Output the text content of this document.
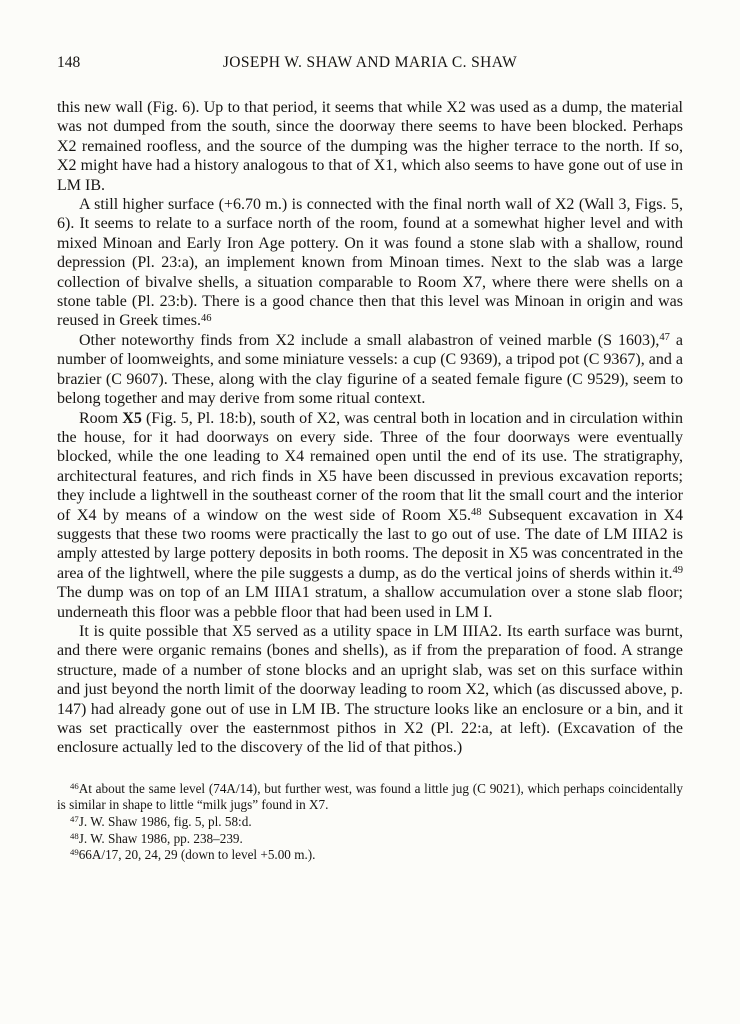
148	JOSEPH W. SHAW AND MARIA C. SHAW

this new wall (Fig. 6). Up to that period, it seems that while X2 was used as a dump, the material was not dumped from the south, since the doorway there seems to have been blocked. Perhaps X2 remained roofless, and the source of the dumping was the higher terrace to the north. If so, X2 might have had a history analogous to that of X1, which also seems to have gone out of use in LM IB.

A still higher surface (+6.70 m.) is connected with the final north wall of X2 (Wall 3, Figs. 5, 6). It seems to relate to a surface north of the room, found at a somewhat higher level and with mixed Minoan and Early Iron Age pottery. On it was found a stone slab with a shallow, round depression (Pl. 23:a), an implement known from Minoan times. Next to the slab was a large collection of bivalve shells, a situation comparable to Room X7, where there were shells on a stone table (Pl. 23:b). There is a good chance then that this level was Minoan in origin and was reused in Greek times.$^{46}$

Other noteworthy finds from X2 include a small alabastron of veined marble (S 1603),$^{47}$ a number of loomweights, and some miniature vessels: a cup (C 9369), a tripod pot (C 9367), and a brazier (C 9607). These, along with the clay figurine of a seated female figure (C 9529), seem to belong together and may derive from some ritual context.

Room X5 (Fig. 5, Pl. 18:b), south of X2, was central both in location and in circulation within the house, for it had doorways on every side. Three of the four doorways were eventually blocked, while the one leading to X4 remained open until the end of its use. The stratigraphy, architectural features, and rich finds in X5 have been discussed in previous excavation reports; they include a lightwell in the southeast corner of the room that lit the small court and the interior of X4 by means of a window on the west side of Room X5.48 Subsequent excavation in X4 suggests that these two rooms were practically the last to go out of use. The date of LM IIIA2 is amply attested by large pottery deposits in both rooms. The deposit in X5 was concentrated in the area of the lightwell, where the pile suggests a dump, as do the vertical joins of sherds within it.$^{49}$ The dump was on top of an LM IIIA1 stratum, a shallow accumulation over a stone slab floor; underneath this floor was a pebble floor that had been used in LM I.

It is quite possible that X5 served as a utility space in LM IIIA2. Its earth surface was burnt, and there were organic remains (bones and shells), as if from the preparation of food. A strange structure, made of a number of stone blocks and an upright slab, was set on this surface within and just beyond the north limit of the doorway leading to room X2, which (as discussed above, p. 147) had already gone out of use in LM IB. The structure looks like an enclosure or a bin, and it was set practically over the easternmost pithos in X2 (Pl. 22:a, at left). (Excavation of the enclosure actually led to the discovery of the lid of that pithos.)

$^{46}$At about the same level (74A/14), but further west, was found a little jug (C 9021), which perhaps coincidentally is similar in shape to little “milk jugs” found in X7.

$^{47}$J. W. Shaw 1986, fig. 5, pl. 58:d.

$^{48}$J. W. Shaw 1986, pp. 238–239.

$^{49}$66A/17, 20, 24, 29 (down to level +5.00 m.).
